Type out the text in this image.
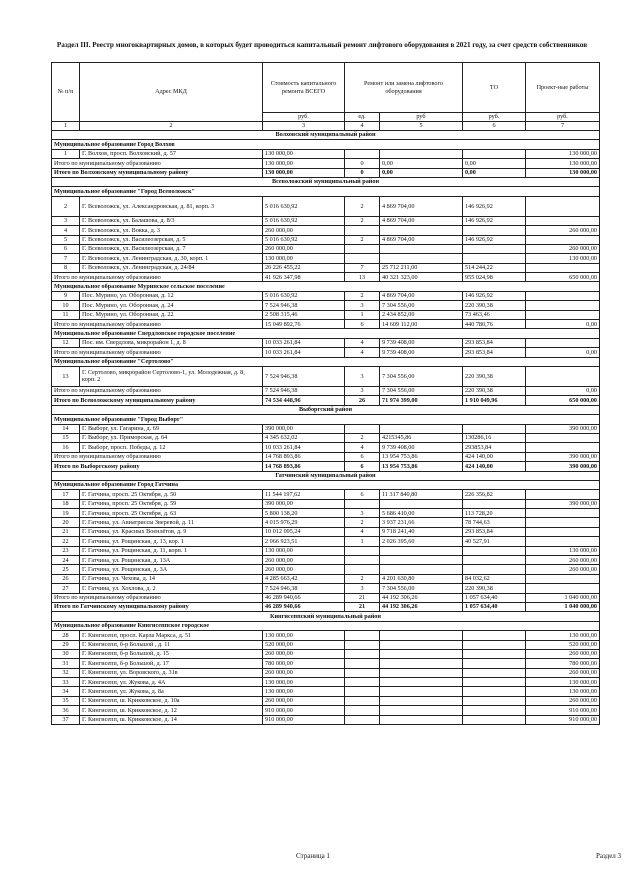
Раздел III. Реестр многоквартирных домов, в которых будет проводиться капитальный ремонт лифтового оборудования в 2021 году, за счет средств собственников
№ п/п	Адрес МКД	Стоимость капитального ремонта ВСЕГО	Ремонт или замена лифтового оборудования		ТО	Проект-ные работы
		руб.	ед.	руб	руб.	руб.
1	2	3	4	5	6	7
Волховский муниципальный район						
Муниципальное образование Город Волхов						
1	Г. Волхов, просп. Волховский, д. 57	130 000,00				130 000,00
Итого по муниципальному образованию		130 000,00	0	0,00	0,00	130 000,00
Итого по Волховскому муниципальному району		130 000,00	0	0,00	0,00	130 000,00
Всеволожский муниципальный район						
Муниципальное образование "Город Всеволожск"						
2	Г. Всеволожск, ул. Александровская, д. 81, корп. 3	5 016 630,92	2	4 869 704,00	146 926,92	
3	Г. Всеволожск, ул. Балашова, д. 8/3	5 016 630,92	2	4 869 704,00	146 926,92	
4	Г. Всеволожск, ул. Вокка, д. 3	260 000,00				260 000,00
5	Г. Всеволожск, ул. Василеозерская, д. 5	5 016 630,92	2	4 869 704,00	146 926,92	
6	Г. Всеволожск, ул. Василеозерская, д. 7	260 000,00				260 000,00
7	Г. Всеволожск, ул. Ленинградская, д. 30, корп. 1	130 000,00				130 000,00
8	Г. Всеволожск, ул. Ленинградская, д. 24/84	26 226 455,22	7	25 712 211,00	514 244,22	
Итого по муниципальному образованию		41 926 347,98	13	40 321 323,00	955 024,98	650 000,00
Муниципальное образование Муринское сельское поселение						
9	Пос. Мурино, ул. Оборонная, д. 12	5 016 630,92	2	4 869 704,00	146 926,92	
10	Пос. Мурино, ул. Оборонная, д. 24	7 524 946,38	3	7 304 556,00	220 390,38	
11	Пос. Мурино, ул. Оборонная, д. 22	2 508 315,46	1	2 434 852,00	73 463,46	
Итого по муниципальному образованию		15 049 892,76	6	14 609 112,00	440 780,76	0,00
Муниципальное образование Свердловское городское поселение						
12	Пос. им. Свердлова, микрорайон 1, д. 8	10 033 261,84	4	9 739 408,00	293 853,84	
Итого по муниципальному образованию		10 033 261,84	4	9 739 408,00	293 853,84	0,00
Муниципальное образование "Сертолово"						
13	Г. Сертолово, микрорайон Сертолово-1, ул. Молодежная, д. 8, корп. 2	7 524 946,38	3	7 304 556,00	220 390,38	
Итого по муниципальному образованию		7 524 946,38	3	7 304 556,00	220 390,38	0,00
Итого по Всеволожскому муниципальному району		74 534 448,96	26	71 974 399,00	1 910 049,96	650 000,00
Выборгский район						
Муниципальное образование "Город Выборг"						
14	Г. Выборг, ул. Гагарина, д. 69	390 000,00				390 000,00
15	Г. Выборг, ул. Приморская, д. 64	4 345 632,02	2	4215345,86	130286,16	
16	Г. Выборг, просп. Победы, д. 12	10 033 261,84	4	9 739 408,00	293853,84	
Итого по муниципальному образованию		14 768 893,86	6	13 954 753,86	424 140,00	390 000,00
Итого по Выборгскому району		14 768 893,86	6	13 954 753,86	424 140,00	390 000,00
Гатчинский муниципальный район						
Муниципальное образование Город Гатчина						
17	Г. Гатчина, просп. 25 Октября, д. 50	11 544 197,62	6	11 317 840,80	226 356,82	
18	Г. Гатчина, просп. 25 Октября, д. 59	390 000,00				390 000,00
19	Г. Гатчина, просп. 25 Октября, д. 63	5 800 138,20	3	5 686 410,00	113 728,20	
20	Г. Гатчина, ул. Авиатриссы Зверевой, д. 11	4 015 976,29	2	3 937 231,66	78 744,63	
21	Г. Гатчина, ул. Красных Военлётов, д. 9	10 012 095,24	4	9 718 241,40	293 853,84	
22	Г. Гатчина, ул. Рощинская, д. 13, кор. 1	2 066 923,51	1	2 026 395,60	40 527,91	
23	Г. Гатчина, ул. Рощинская, д. 11, корп. 1	130 000,00				130 000,00
24	Г. Гатчина, ул. Рощинская, д. 13А	260 000,00				260 000,00
25	Г. Гатчина, ул. Рощинская, д. 3А	260 000,00				260 000,00
26	Г. Гатчина, ул. Чехова, д. 14	4 285 663,42	2	4 201 630,80	84 032,62	
27	Г. Гатчина, ул. Хохлова, д. 2	7 524 946,38	3	7 304 556,00	220 390,38	
Итого по муниципальному образованию		46 289 940,66	21	44 192 306,26	1 057 634,40	1 040 000,00
Итого по Гатчинскому муниципальному району		46 289 940,66	21	44 192 306,26	1 057 634,40	1 040 000,00
Кингисеппский муниципальный район						
Муниципальное образование Кингисеппское городское						
28	Г. Кингисепп, просп. Карла Маркса, д. 51	130 000,00				130 000,00
29	Г. Кингисепп, б-р Большой , д. 11	520 000,00				520 000,00
30	Г. Кингисепп, б-р Большой, д. 15	260 000,00				260 000,00
31	Г. Кингисепп, б-р Большой, д. 17	780 000,00				780 000,00
32	Г. Кингисепп, ул. Воровского, д. 31в	260 000,00				260 000,00
33	Г. Кингисепп, ул. Жукова, д. 4А	130 000,00				130 000,00
34	Г. Кингисепп, ул. Жукова, д. 8а	130 000,00				130 000,00
35	Г. Кингисепп, ш. Крикковское, д. 10а	260 000,00				260 000,00
36	Г. Кингисепп, ш. Крикковское, д. 12	910 000,00				910 000,00
37	Г. Кингисепп, ш. Крикковское, д. 14	910 000,00				910 000,00
Страница 1	Раздел 3
